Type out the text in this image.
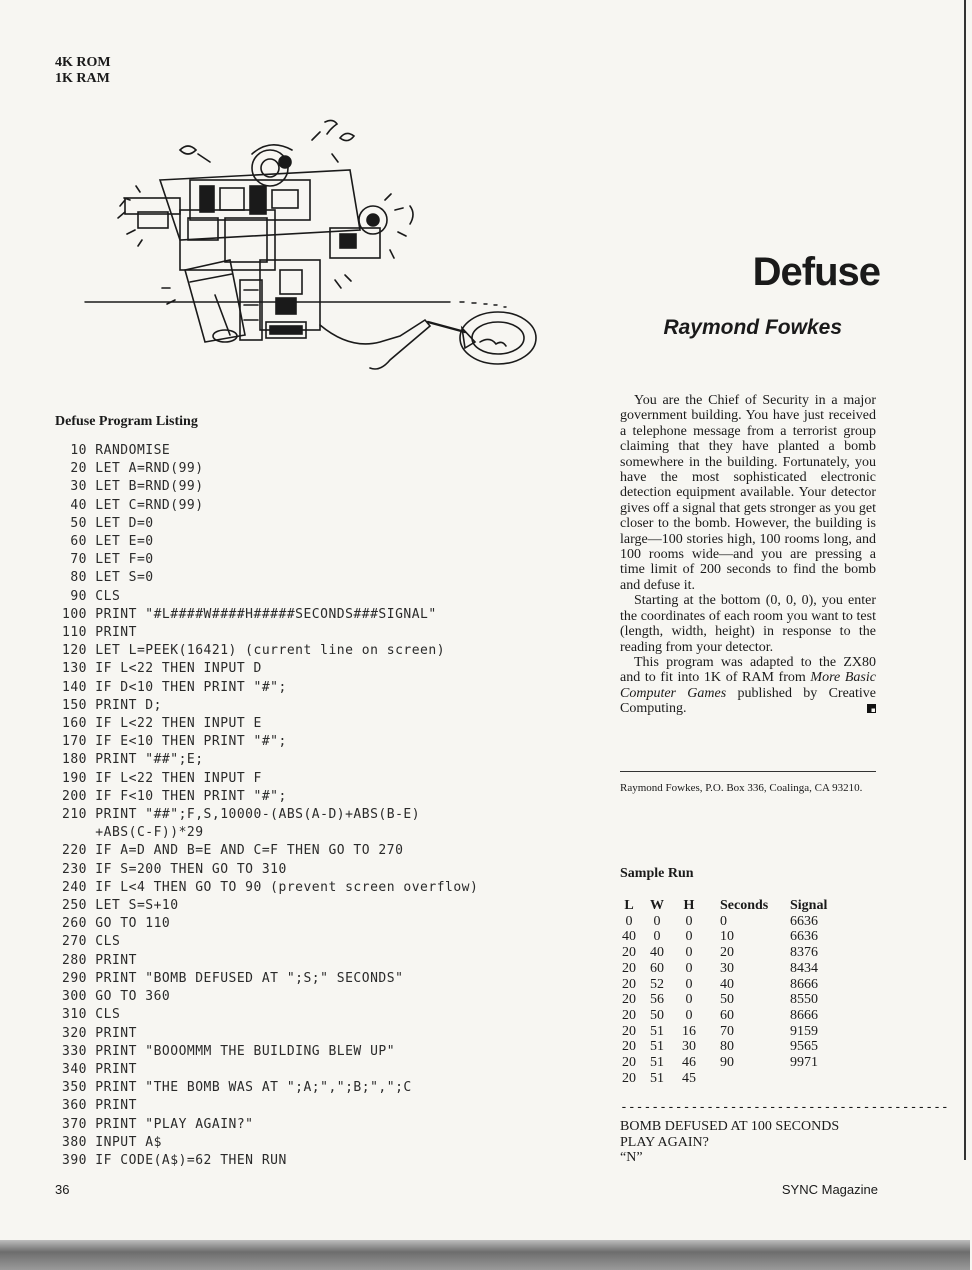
4K ROM
1K RAM
Defuse
Raymond Fowkes
Defuse Program Listing
10 RANDOMISE
20 LET A=RND(99)
30 LET B=RND(99)
40 LET C=RND(99)
50 LET D=0
60 LET E=0
70 LET F=0
80 LET S=0
90 CLS
100 PRINT "#L####W####H#####SECONDS###SIGNAL"
110 PRINT
120 LET L=PEEK(16421) (current line on screen)
130 IF L<22 THEN INPUT D
140 IF D<10 THEN PRINT "#";
150 PRINT D;
160 IF L<22 THEN INPUT E
170 IF E<10 THEN PRINT "#";
180 PRINT "##";E;
190 IF L<22 THEN INPUT F
200 IF F<10 THEN PRINT "#";
210 PRINT "##";F,S,10000-(ABS(A-D)+ABS(B-E)
+ABS(C-F))*29
220 IF A=D AND B=E AND C=F THEN GO TO 270
230 IF S=200 THEN GO TO 310
240 IF L<4 THEN GO TO 90 (prevent screen overflow)
250 LET S=S+10
260 GO TO 110
270 CLS
280 PRINT
290 PRINT "BOMB DEFUSED AT ";S;" SECONDS"
300 GO TO 360
310 CLS
320 PRINT
330 PRINT "BOOOMMM THE BUILDING BLEW UP"
340 PRINT
350 PRINT "THE BOMB WAS AT ";A;",";B;",";C
360 PRINT
370 PRINT "PLAY AGAIN?"
380 INPUT A$
390 IF CODE(A$)=62 THEN RUN

You are the Chief of Security in a major government building. You have just received a telephone message from a terrorist group claiming that they have planted a bomb somewhere in the building. Fortunately, you have the most sophisticated electronic detection equipment available. Your detector gives off a signal that gets stronger as you get closer to the bomb. However, the building is large—100 stories high, 100 rooms long, and 100 rooms wide—and you are pressing a time limit of 200 seconds to find the bomb and defuse it.

Starting at the bottom (0, 0, 0), you enter the coordinates of each room you want to test (length, width, height) in response to the reading from your detector.

This program was adapted to the ZX80 and to fit into 1K of RAM from More Basic Computer Games published by Creative Computing.

Raymond Fowkes, P.O. Box 336, Coalinga, CA 93210.
Sample Run
L	W	H	Seconds	Signal
0	0	0	0	6636
40	0	0	10	6636
20	40	0	20	8376
20	60	0	30	8434
20	52	0	40	8666
20	56	0	50	8550
20	50	0	60	8666
20	51	16	70	9159
20	51	30	80	9565
20	51	46	90	9971
20	51	45		
------------------------------------------
BOMB DEFUSED AT 100 SECONDS
PLAY AGAIN?
“N”
36	SYNC Magazine
